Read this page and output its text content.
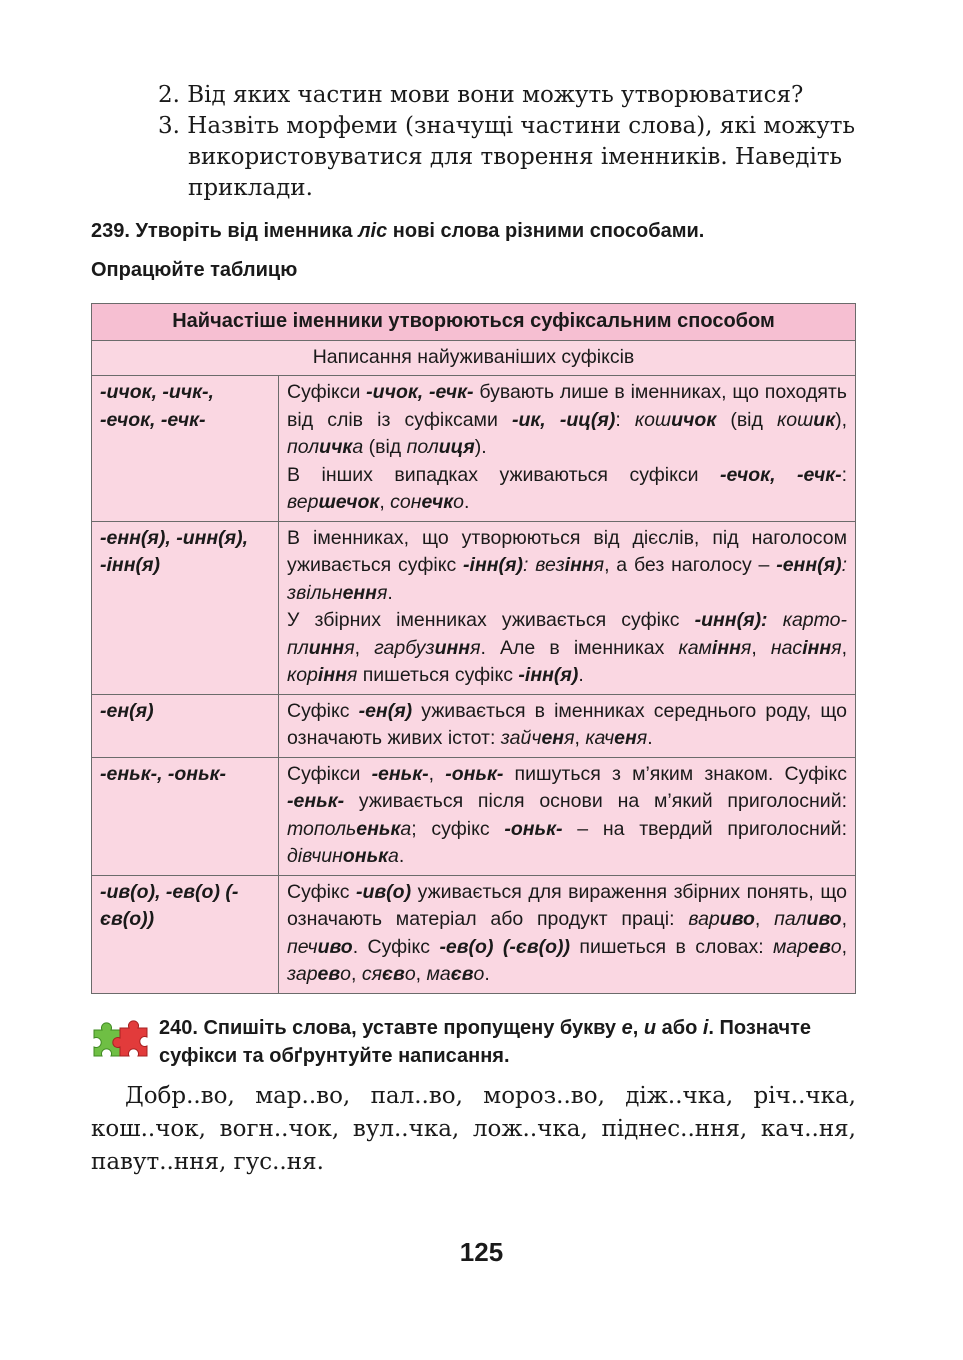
2. Від яких частин мови вони можуть утворюватися?

3. Назвіть морфеми (значущі частини слова), які можуть використовуватися для творення іменників. Наведіть приклади.

239. Утворіть від іменника ліс нові слова різними способами.

Опрацюйте таблицю

Найчастіше іменники утворюються суфіксальним способом	
Написання найуживаніших суфіксів	
-ичок, -ичк-, -ечок, -ечк-	Суфікси -ичок, -ечк- бувають лише в іменниках, що походять від слів із суфіксами -ик, -иц(я): кошичок (від кошик), поличка (від полиця).

В інших випадках уживаються суфікси -ечок, -ечк-: вершечок, сонечко.

-енн(я), -инн(я), -інн(я)	В іменниках, що утворюються від дієслів, під наголосом уживається суфікс -інн(я): везіння, а без наголосу – -енн(я): звільнення.

У збірних іменниках уживається суфікс -инн(я): картоплиння, гарбузиння. Але в іменниках каміння, насіння, коріння пишеться суфікс -інн(я).

-ен(я)	Суфікс -ен(я) уживається в іменниках середнього роду, що означають живих істот: зайченя, каченя.

-еньк-, -оньк-	Суфікси -еньк-, -оньк- пишуться з м’яким знаком. Суфікс -еньк- уживається після основи на м’який приголосний: топольенька; суфікс -оньк- – на твердий приголосний: дівчинонька.

-ив(о), -ев(о) (-єв(о))	Суфікс -ив(о) уживається для вираження збірних понять, що означають матеріал або продукт праці: вариво, паливо, печиво. Суфікс -ев(о) (-єв(о)) пишеться в словах: марево, зарево, сяєво, маєво.

240. Спишіть слова, уставте пропущену букву е, и або і. Позначте суфікси та обґрунтуйте написання.

Добр..во, мар..во, пал..во, мороз..во, діж..чка, річ..чка, кош..чок, вогн..чок, вул..чка, лож..чка, піднес..ння, кач..ня, павут..ння, гус..ня.

125
